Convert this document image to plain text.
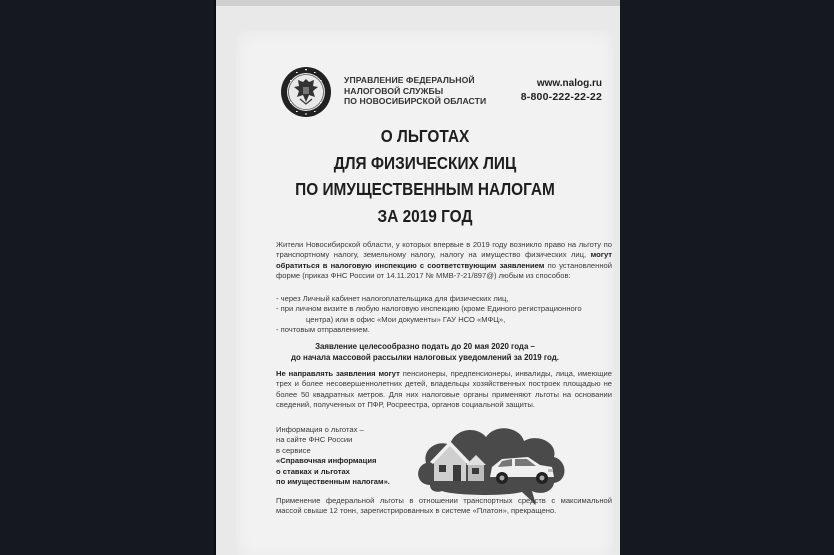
УПРАВЛЕНИЕ ФЕДЕРАЛЬНОЙ
НАЛОГОВОЙ СЛУЖБЫ
ПО НОВОСИБИРСКОЙ ОБЛАСТИ
www.nalog.ru
8-800-222-22-22
О ЛЬГОТАХ
ДЛЯ ФИЗИЧЕСКИХ ЛИЦ
ПО ИМУЩЕСТВЕННЫМ НАЛОГАМ
ЗА 2019 ГОД
Жители Новосибирской области, у которых впервые в 2019 году возникло право на льготу по транспортному налогу, земельному налогу, налогу на имущество физических лиц, могут обратиться в налоговую инспекцию с соответствующим заявлением по установленной форме (приказ ФНС России от 14.11.2017 № ММВ-7-21/897@) любым из способов:
- через Личный кабинет налогоплательщика для физических лиц,
- при личном визите в любую налоговую инспекцию (кроме Единого регистрационного
центра) или в офис «Мои документы» ГАУ НСО «МФЦ»,
- почтовым отправлением.
Заявление целесообразно подать до 20 мая 2020 года –
до начала массовой рассылки налоговых уведомлений за 2019 год.
Не направлять заявления могут пенсионеры, предпенсионеры, инвалиды, лица, имеющие трех и более несовершеннолетних детей, владельцы хозяйственных построек площадью не более 50 квадратных метров. Для них налоговые органы применяют льготы на основании сведений, полученных от ПФР, Росреестра, органов социальной защиты.
Информация о льготах –
на сайте ФНС России
в сервисе
«Справочная информация
о ставках и льготах
по имущественным налогам».
Применение федеральной льготы в отношении транспортных средств с максимальной массой свыше 12 тонн, зарегистрированных в системе «Платон», прекращено.
